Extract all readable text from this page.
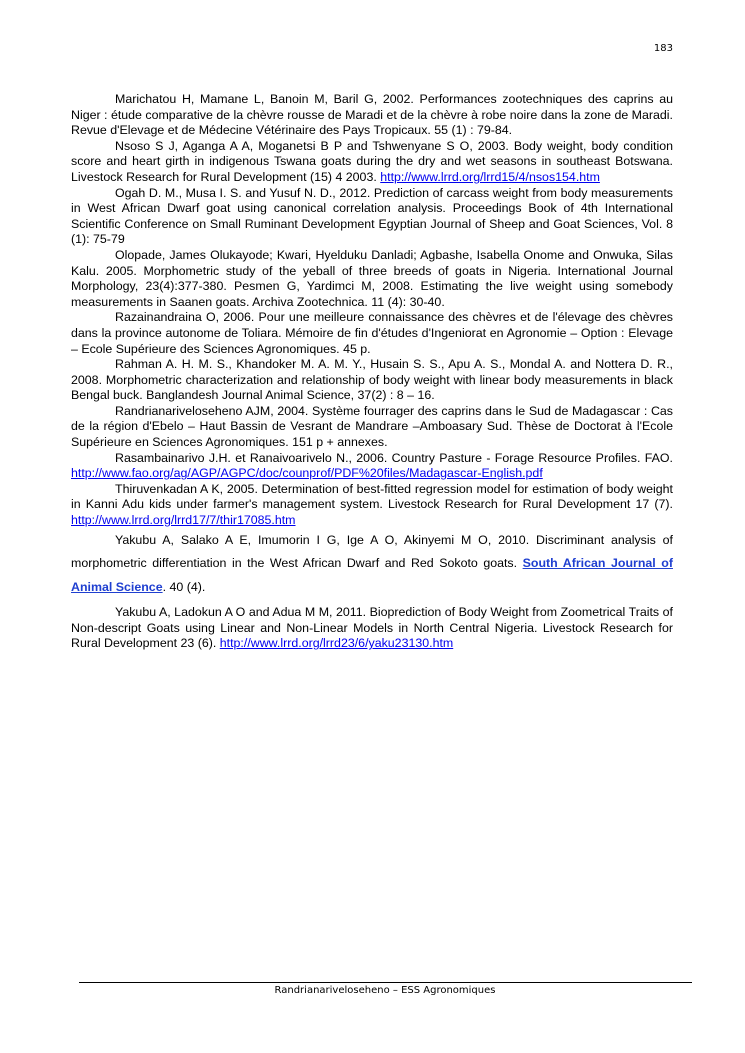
183

Marichatou H, Mamane L, Banoin M, Baril G, 2002. Performances zootechniques des caprins au Niger : étude comparative de la chèvre rousse de Maradi et de la chèvre à robe noire dans la zone de Maradi. Revue d'Elevage et de Médecine Vétérinaire des Pays Tropicaux. 55 (1) : 79-84.

Nsoso S J, Aganga A A, Moganetsi B P and Tshwenyane S O, 2003. Body weight, body condition score and heart girth in indigenous Tswana goats during the dry and wet seasons in southeast Botswana. Livestock Research for Rural Development (15) 4 2003. http://www.lrrd.org/lrrd15/4/nsos154.htm

Ogah D. M., Musa I. S. and Yusuf N. D., 2012. Prediction of carcass weight from body measurements in West African Dwarf goat using canonical correlation analysis. Proceedings Book of 4th International Scientific Conference on Small Ruminant Development Egyptian Journal of Sheep and Goat Sciences, Vol. 8 (1): 75-79

Olopade, James Olukayode; Kwari, Hyelduku Danladi; Agbashe, Isabella Onome and Onwuka, Silas Kalu. 2005. Morphometric study of the yeball of three breeds of goats in Nigeria. International Journal Morphology, 23(4):377-380. Pesmen G, Yardimci M, 2008. Estimating the live weight using somebody measurements in Saanen goats. Archiva Zootechnica. 11 (4): 30-40.

Razainandraina O, 2006. Pour une meilleure connaissance des chèvres et de l'élevage des chèvres dans la province autonome de Toliara. Mémoire de fin d'études d'Ingeniorat en Agronomie – Option : Elevage – Ecole Supérieure des Sciences Agronomiques. 45 p.

Rahman A. H. M. S., Khandoker M. A. M. Y., Husain S. S., Apu A. S., Mondal A. and Nottera D. R., 2008. Morphometric characterization and relationship of body weight with linear body measurements in black Bengal buck. Banglandesh Journal Animal Science, 37(2) : 8 – 16.

Randrianariveloseheno AJM, 2004. Système fourrager des caprins dans le Sud de Madagascar : Cas de la région d'Ebelo – Haut Bassin de Vesrant de Mandrare –Amboasary Sud. Thèse de Doctorat à l'Ecole Supérieure en Sciences Agronomiques. 151 p + annexes.

Rasambainarivo J.H. et Ranaivoarivelo N., 2006. Country Pasture - Forage Resource Profiles. FAO. http://www.fao.org/ag/AGP/AGPC/doc/counprof/PDF%20files/Madagascar-English.pdf

Thiruvenkadan A K, 2005. Determination of best-fitted regression model for estimation of body weight in Kanni Adu kids under farmer's management system. Livestock Research for Rural Development 17 (7). http://www.lrrd.org/lrrd17/7/thir17085.htm

Yakubu A, Salako A E, Imumorin I G, Ige A O, Akinyemi M O, 2010. Discriminant analysis of morphometric differentiation in the West African Dwarf and Red Sokoto goats. South African Journal of Animal Science. 40 (4).

Yakubu A, Ladokun A O and Adua M M, 2011. Bioprediction of Body Weight from Zoometrical Traits of Non-descript Goats using Linear and Non-Linear Models in North Central Nigeria. Livestock Research for Rural Development 23 (6). http://www.lrrd.org/lrrd23/6/yaku23130.htm

Randrianariveloseheno – ESS Agronomiques
